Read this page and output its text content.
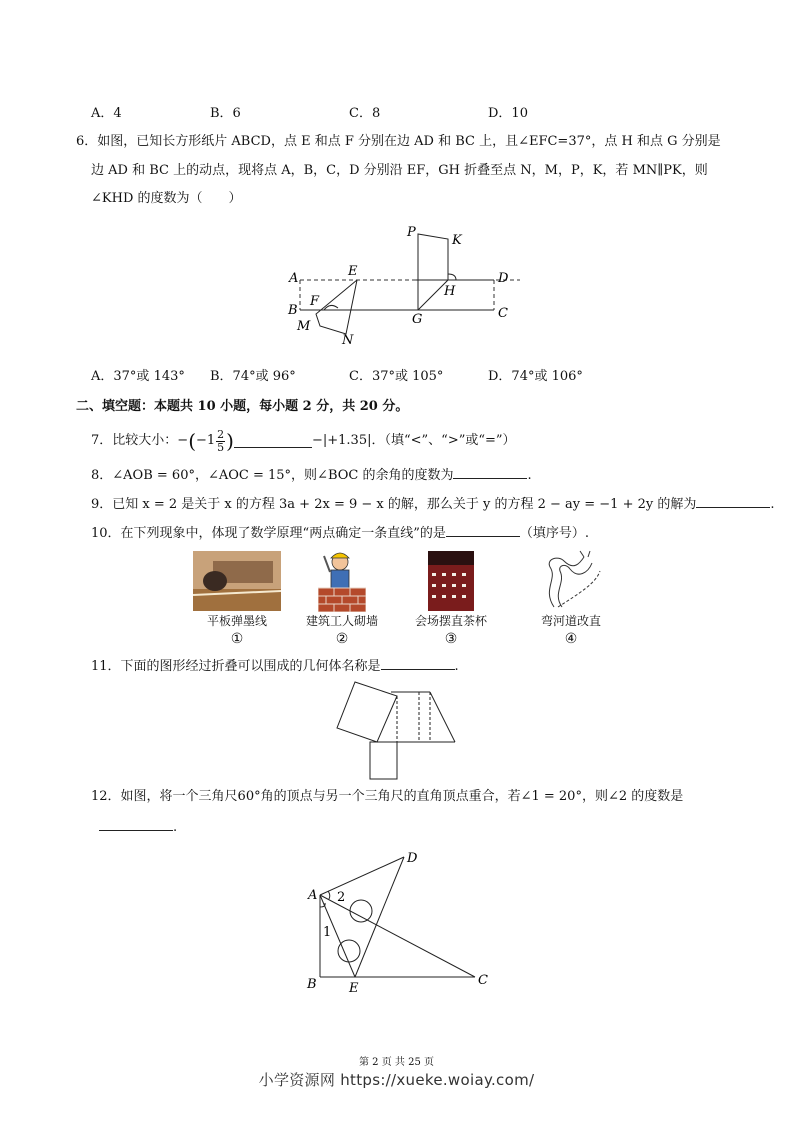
A．4	B．6	C．8	D．10
6．如图，已知长方形纸片 ABCD，点 E 和点 F 分别在边 AD 和 BC 上，且∠EFC=37°，点 H 和点 G 分别是
边 AD 和 BC 上的动点，现将点 A，B，C，D 分别沿 EF，GH 折叠至点 N，M，P，K，若 MN∥PK，则
∠KHD 的度数为（　　）
A
B	C
D
E
F
G
H
M
N
P
K
A．37°或 143° B．74°或 96°	C．37°或 105°	D．74°或 106°
二、填空题：本题共 10 小题，每小题 2 分，共 20 分。
7．比较大小： − ( $-1 \frac{2}{5}$ )	−|+1.35| ．（填“<”、“>”或“=”）
8．∠AOB = 60°，∠AOC = 15°，则∠BOC 的余角的度数为	.
9．已知 x = 2 是关于 x 的方程 3a + 2x = 9 − x 的解，那么关于 y 的方程 2 − ay = −1 + 2y 的解为	.
10．在下列现象中，体现了数学原理“两点确定一条直线”的是	（填序号）.
平板弹墨线	建筑工人砌墙	会场摆直茶杯	弯河道改直
①	②	③	④
11．下面的图形经过折叠可以围成的几何体名称是	.
12．如图，将一个三角尺60°角的顶点与另一个三角尺的直角顶点重合，若∠1 = 20°，则∠2 的度数是
.
A
B	C
D
E
1
2
第 2 页 共 25 页
小学资源网 https://xueke.woiay.com/
